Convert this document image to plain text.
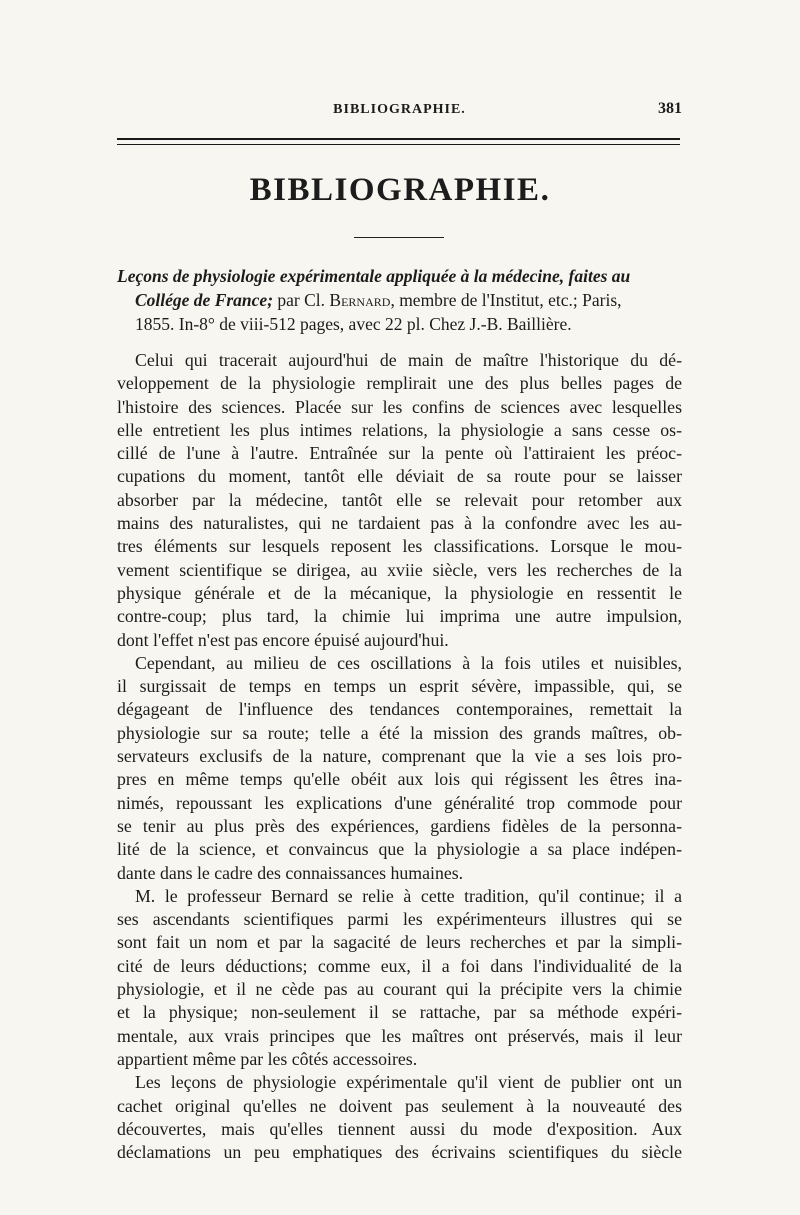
BIBLIOGRAPHIE.	381
BIBLIOGRAPHIE.
Leçons de physiologie expérimentale appliquée à la médecine, faites au
Collége de France; par Cl. Bernard, membre de l'Institut, etc.; Paris,
1855. In-8° de viii-512 pages, avec 22 pl. Chez J.-B. Baillière.
Celui qui tracerait aujourd'hui de main de maître l'historique du dé-
veloppement de la physiologie remplirait une des plus belles pages de
l'histoire des sciences. Placée sur les confins de sciences avec lesquelles
elle entretient les plus intimes relations, la physiologie a sans cesse os-
cillé de l'une à l'autre. Entraînée sur la pente où l'attiraient les préoc-
cupations du moment, tantôt elle déviait de sa route pour se laisser
absorber par la médecine, tantôt elle se relevait pour retomber aux
mains des naturalistes, qui ne tardaient pas à la confondre avec les au-
tres éléments sur lesquels reposent les classifications. Lorsque le mou-
vement scientifique se dirigea, au xviie siècle, vers les recherches de la
physique générale et de la mécanique, la physiologie en ressentit le
contre-coup; plus tard, la chimie lui imprima une autre impulsion,
dont l'effet n'est pas encore épuisé aujourd'hui.
Cependant, au milieu de ces oscillations à la fois utiles et nuisibles,
il surgissait de temps en temps un esprit sévère, impassible, qui, se
dégageant de l'influence des tendances contemporaines, remettait la
physiologie sur sa route; telle a été la mission des grands maîtres, ob-
servateurs exclusifs de la nature, comprenant que la vie a ses lois pro-
pres en même temps qu'elle obéit aux lois qui régissent les êtres ina-
nimés, repoussant les explications d'une généralité trop commode pour
se tenir au plus près des expériences, gardiens fidèles de la personna-
lité de la science, et convaincus que la physiologie a sa place indépen-
dante dans le cadre des connaissances humaines.
M. le professeur Bernard se relie à cette tradition, qu'il continue; il a
ses ascendants scientifiques parmi les expérimenteurs illustres qui se
sont fait un nom et par la sagacité de leurs recherches et par la simpli-
cité de leurs déductions; comme eux, il a foi dans l'individualité de la
physiologie, et il ne cède pas au courant qui la précipite vers la chimie
et la physique; non-seulement il se rattache, par sa méthode expéri-
mentale, aux vrais principes que les maîtres ont préservés, mais il leur
appartient même par les côtés accessoires.
Les leçons de physiologie expérimentale qu'il vient de publier ont un
cachet original qu'elles ne doivent pas seulement à la nouveauté des
découvertes, mais qu'elles tiennent aussi du mode d'exposition. Aux
déclamations un peu emphatiques des écrivains scientifiques du siècle
